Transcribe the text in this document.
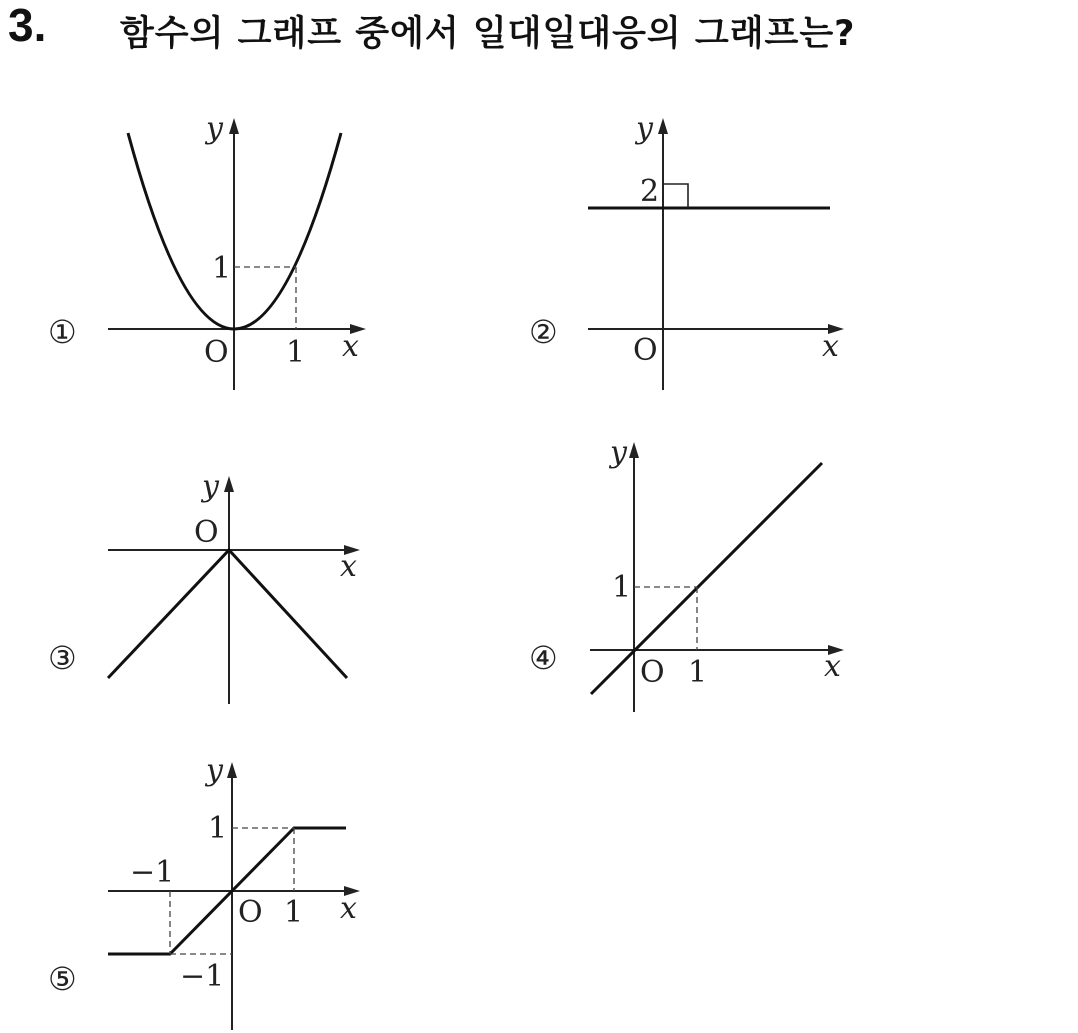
3. 함수의 그래프 중에서 일대일대응의 그래프는?
①
y
x
O
1
1
②
y
x
O
2
③
y
x
O
④
y
x
O
1
1
⑤
y
x
O
1
1
−1
−1
